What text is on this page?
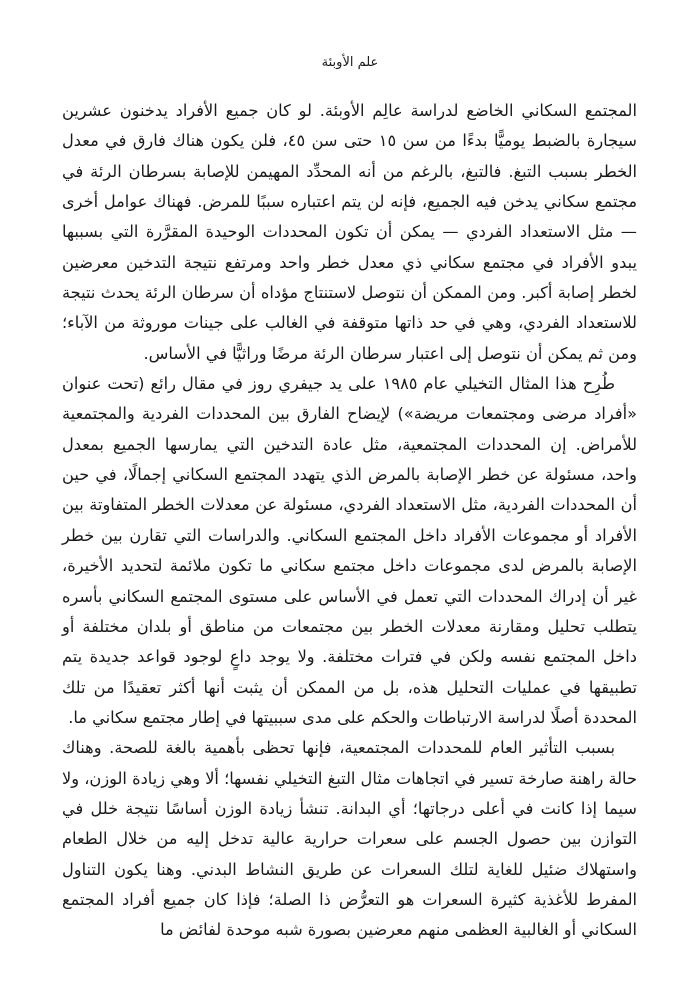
علم الأوبئة

المجتمع السكاني الخاضع لدراسة عالِم الأوبئة. لو كان جميع الأفراد يدخنون عشرين سيجارة بالضبط يوميًّا بدءًا من سن ١٥ حتى سن ٤٥، فلن يكون هناك فارق في معدل الخطر بسبب التبغ. فالتبغ، بالرغم من أنه المحدِّد المهيمن للإصابة بسرطان الرئة في مجتمع سكاني يدخن فيه الجميع، فإنه لن يتم اعتباره سببًا للمرض. فهناك عوامل أخرى — مثل الاستعداد الفردي — يمكن أن تكون المحددات الوحيدة المقرَّرة التي بسببها يبدو الأفراد في مجتمع سكاني ذي معدل خطر واحد ومرتفع نتيجة التدخين معرضين لخطر إصابة أكبر. ومن الممكن أن نتوصل لاستنتاج مؤداه أن سرطان الرئة يحدث نتيجة للاستعداد الفردي، وهي في حد ذاتها متوقفة في الغالب على جينات موروثة من الآباء؛ ومن ثم يمكن أن نتوصل إلى اعتبار سرطان الرئة مرضًا وراثيًّا في الأساس.

طُرِح هذا المثال التخيلي عام ١٩٨٥ على يد جيفري روز في مقال رائع (تحت عنوان «أفراد مرضى ومجتمعات مريضة») لإيضاح الفارق بين المحددات الفردية والمجتمعية للأمراض. إن المحددات المجتمعية، مثل عادة التدخين التي يمارسها الجميع بمعدل واحد، مسئولة عن خطر الإصابة بالمرض الذي يتهدد المجتمع السكاني إجمالًا، في حين أن المحددات الفردية، مثل الاستعداد الفردي، مسئولة عن معدلات الخطر المتفاوتة بين الأفراد أو مجموعات الأفراد داخل المجتمع السكاني. والدراسات التي تقارن بين خطر الإصابة بالمرض لدى مجموعات داخل مجتمع سكاني ما تكون ملائمة لتحديد الأخيرة، غير أن إدراك المحددات التي تعمل في الأساس على مستوى المجتمع السكاني بأسره يتطلب تحليل ومقارنة معدلات الخطر بين مجتمعات من مناطق أو بلدان مختلفة أو داخل المجتمع نفسه ولكن في فترات مختلفة. ولا يوجد داعٍ لوجود قواعد جديدة يتم تطبيقها في عمليات التحليل هذه، بل من الممكن أن يثبت أنها أكثر تعقيدًا من تلك المحددة أصلًا لدراسة الارتباطات والحكم على مدى سببيتها في إطار مجتمع سكاني ما.

بسبب التأثير العام للمحددات المجتمعية، فإنها تحظى بأهمية بالغة للصحة. وهناك حالة راهنة صارخة تسير في اتجاهات مثال التبغ التخيلي نفسها؛ ألا وهي زيادة الوزن، ولا سيما إذا كانت في أعلى درجاتها؛ أي البدانة. تنشأ زيادة الوزن أساسًا نتيجة خلل في التوازن بين حصول الجسم على سعرات حرارية عالية تدخل إليه من خلال الطعام واستهلاك ضئيل للغاية لتلك السعرات عن طريق النشاط البدني. وهنا يكون التناول المفرط للأغذية كثيرة السعرات هو التعرُّض ذا الصلة؛ فإذا كان جميع أفراد المجتمع السكاني أو الغالبية العظمى منهم معرضين بصورة شبه موحدة لفائض ما
